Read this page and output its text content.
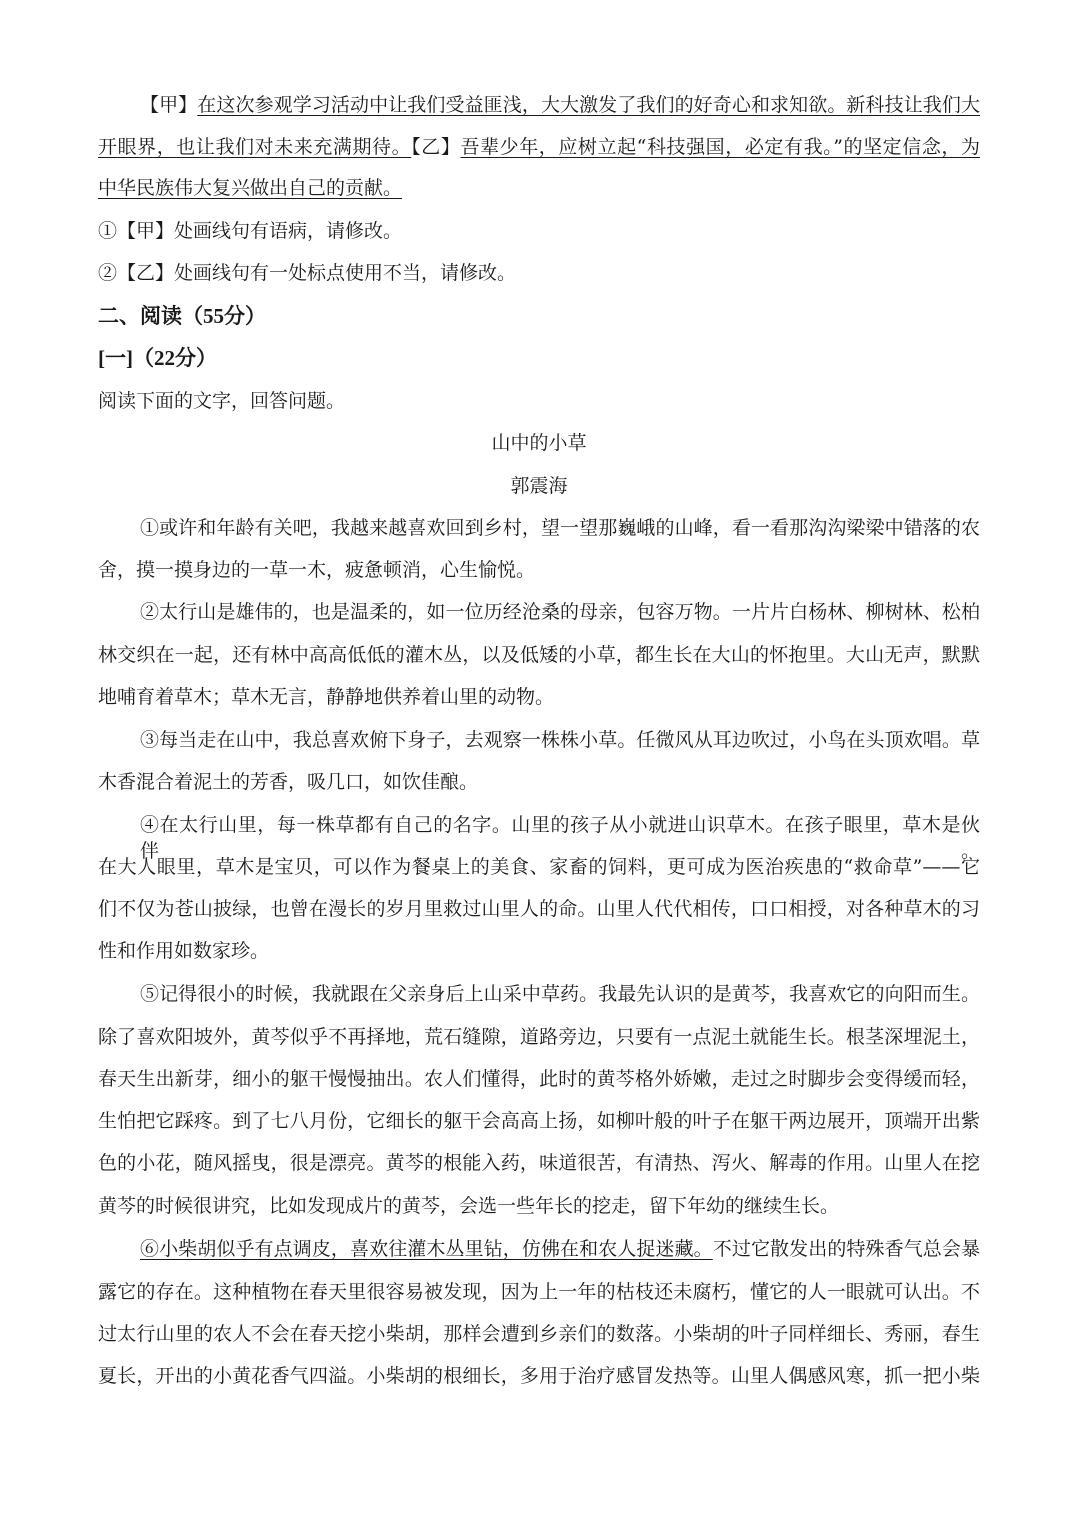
【甲】在这次参观学习活动中让我们受益匪浅，大大激发了我们的好奇心和求知欲。新科技让我们大
开眼界，也让我们对未来充满期待。【乙】吾辈少年，应树立起“科技强国，必定有我。”的坚定信念，为
中华民族伟大复兴做出自己的贡献。
①【甲】处画线句有语病，请修改。
②【乙】处画线句有一处标点使用不当，请修改。
二、阅读（55分）
[一]（22分）
阅读下面的文字，回答问题。
山中的小草
郭震海
①或许和年龄有关吧，我越来越喜欢回到乡村，望一望那巍峨的山峰，看一看那沟沟梁梁中错落的农
舍，摸一摸身边的一草一木，疲惫顿消，心生愉悦。
②太行山是雄伟的，也是温柔的，如一位历经沧桑的母亲，包容万物。一片片白杨林、柳树林、松柏
林交织在一起，还有林中高高低低的灌木丛，以及低矮的小草，都生长在大山的怀抱里。大山无声，默默
地哺育着草木；草木无言，静静地供养着山里的动物。
③每当走在山中，我总喜欢俯下身子，去观察一株株小草。任微风从耳边吹过，小鸟在头顶欢唱。草
木香混合着泥土的芳香，吸几口，如饮佳酿。
④在太行山里，每一株草都有自己的名字。山里的孩子从小就进山识草木。在孩子眼里，草木是伙伴。
在大人眼里，草木是宝贝，可以作为餐桌上的美食、家畜的饲料，更可成为医治疾患的“救命草”——它
们不仅为苍山披绿，也曾在漫长的岁月里救过山里人的命。山里人代代相传，口口相授，对各种草木的习
性和作用如数家珍。
⑤记得很小的时候，我就跟在父亲身后上山采中草药。我最先认识的是黄芩，我喜欢它的向阳而生。
除了喜欢阳坡外，黄芩似乎不再择地，荒石缝隙，道路旁边，只要有一点泥土就能生长。根茎深埋泥土，
春天生出新芽，细小的躯干慢慢抽出。农人们懂得，此时的黄芩格外娇嫩，走过之时脚步会变得缓而轻，
生怕把它踩疼。到了七八月份，它细长的躯干会高高上扬，如柳叶般的叶子在躯干两边展开，顶端开出紫
色的小花，随风摇曳，很是漂亮。黄芩的根能入药，味道很苦，有清热、泻火、解毒的作用。山里人在挖
黄芩的时候很讲究，比如发现成片的黄芩，会选一些年长的挖走，留下年幼的继续生长。
⑥小柴胡似乎有点调皮，喜欢往灌木丛里钻，仿佛在和农人捉迷藏。不过它散发出的特殊香气总会暴
露它的存在。这种植物在春天里很容易被发现，因为上一年的枯枝还未腐朽，懂它的人一眼就可认出。不
过太行山里的农人不会在春天挖小柴胡，那样会遭到乡亲们的数落。小柴胡的叶子同样细长、秀丽，春生
夏长，开出的小黄花香气四溢。小柴胡的根细长，多用于治疗感冒发热等。山里人偶感风寒，抓一把小柴
